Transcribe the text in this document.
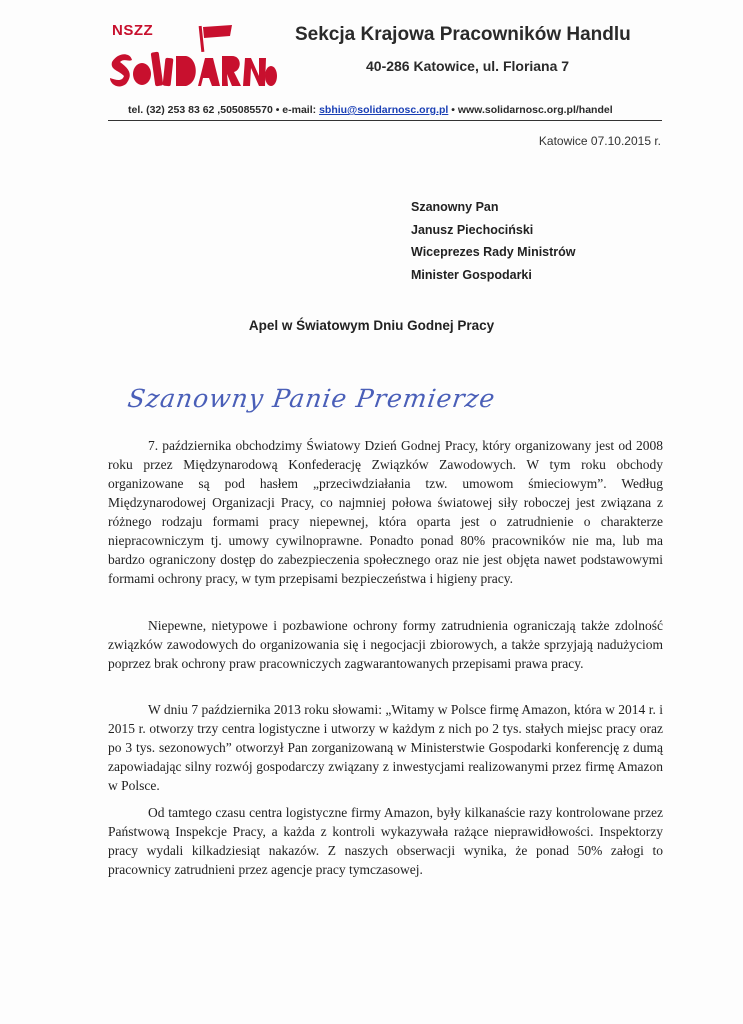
NSZZ	Sekcja Krajowa Pracowników Handlu
40-286 Katowice, ul. Floriana 7
tel. (32) 253 83 62 ,505085570 • e-mail: sbhiu@solidarnosc.org.pl • www.solidarnosc.org.pl/handel
Katowice 07.10.2015 r.
Szanowny Pan
Janusz Piechociński
Wiceprezes Rady Ministrów
Minister Gospodarki
Apel w Światowym Dniu Godnej Pracy
Szanowny Panie Premierze

7. października obchodzimy Światowy Dzień Godnej Pracy, który organizowany jest od 2008 roku przez Międzynarodową Konfederację Związków Zawodowych. W tym roku obchody organizowane są pod hasłem „przeciwdziałania tzw. umowom śmieciowym”. Według Międzynarodowej Organizacji Pracy, co najmniej połowa światowej siły roboczej jest związana z różnego rodzaju formami pracy niepewnej, która oparta jest o zatrudnienie o charakterze niepracowniczym tj. umowy cywilnoprawne. Ponadto ponad 80% pracowników nie ma, lub ma bardzo ograniczony dostęp do zabezpieczenia społecznego oraz nie jest objęta nawet podstawowymi formami ochrony pracy, w tym przepisami bezpieczeństwa i higieny pracy.

Niepewne, nietypowe i pozbawione ochrony formy zatrudnienia ograniczają także zdolność związków zawodowych do organizowania się i negocjacji zbiorowych, a także sprzyjają nadużyciom poprzez brak ochrony praw pracowniczych zagwarantowanych przepisami prawa pracy.

W dniu 7 października 2013 roku słowami: „Witamy w Polsce firmę Amazon, która w 2014 r. i 2015 r. otworzy trzy centra logistyczne i utworzy w każdym z nich po 2 tys. stałych miejsc pracy oraz po 3 tys. sezonowych” otworzył Pan zorganizowaną w Ministerstwie Gospodarki konferencję z dumą zapowiadając silny rozwój gospodarczy związany z inwestycjami realizowanymi przez firmę Amazon w Polsce.

Od tamtego czasu centra logistyczne firmy Amazon, były kilkanaście razy kontrolowane przez Państwową Inspekcje Pracy, a każda z kontroli wykazywała rażące nieprawidłowości. Inspektorzy pracy wydali kilkadziesiąt nakazów. Z naszych obserwacji wynika, że ponad 50% załogi to pracownicy zatrudnieni przez agencje pracy tymczasowej.
